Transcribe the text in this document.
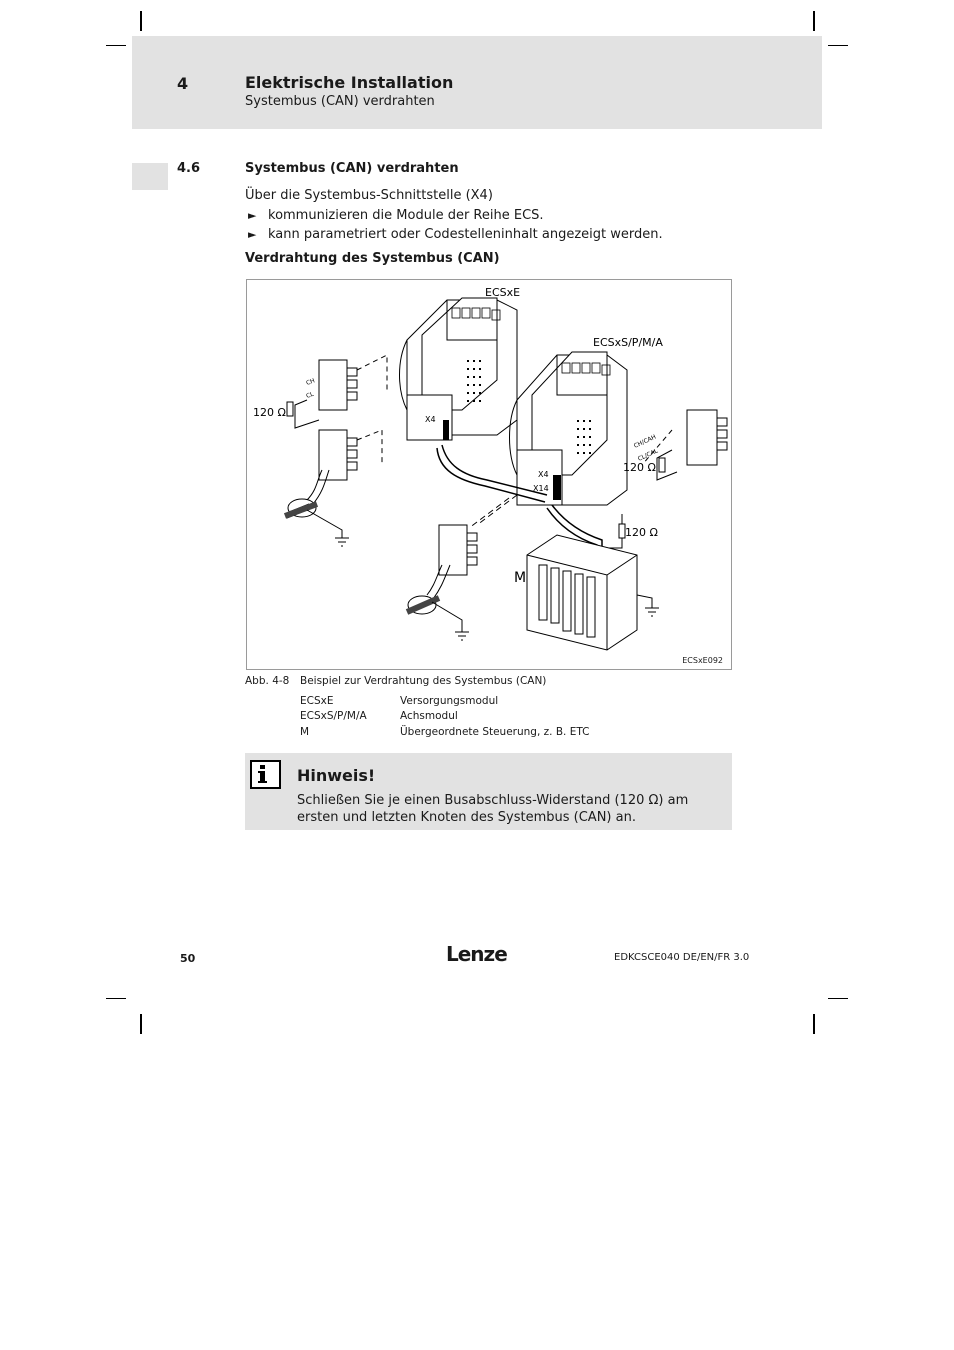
4	Elektrische Installation
Systembus (CAN) verdrahten
4.6	Systembus (CAN) verdrahten
Über die Systembus-Schnittstelle (X4)
► kommunizieren die Module der Reihe ECS.
► kann parametriert oder Codestelleninhalt angezeigt werden.
Verdrahtung des Systembus (CAN)
ECSxE
ECSxS/P/M/A
120 Ω
120 Ω
120 Ω
M
X4
X4
X14
CH
CL
CH/CAH
CL/CAL
ECSxE092
Abb. 4-8 Beispiel zur Verdrahtung des Systembus (CAN)
ECSxE	Versorgungsmodul
ECSxS/P/M/A	Achsmodul
M	Übergeordnete Steuerung, z. B. ETC
Hinweis!
Schließen Sie je einen Busabschluss-Widerstand (120 Ω) am ersten und letzten Knoten des Systembus (CAN) an.
50	Lenze	EDKCSCE040 DE/EN/FR 3.0
